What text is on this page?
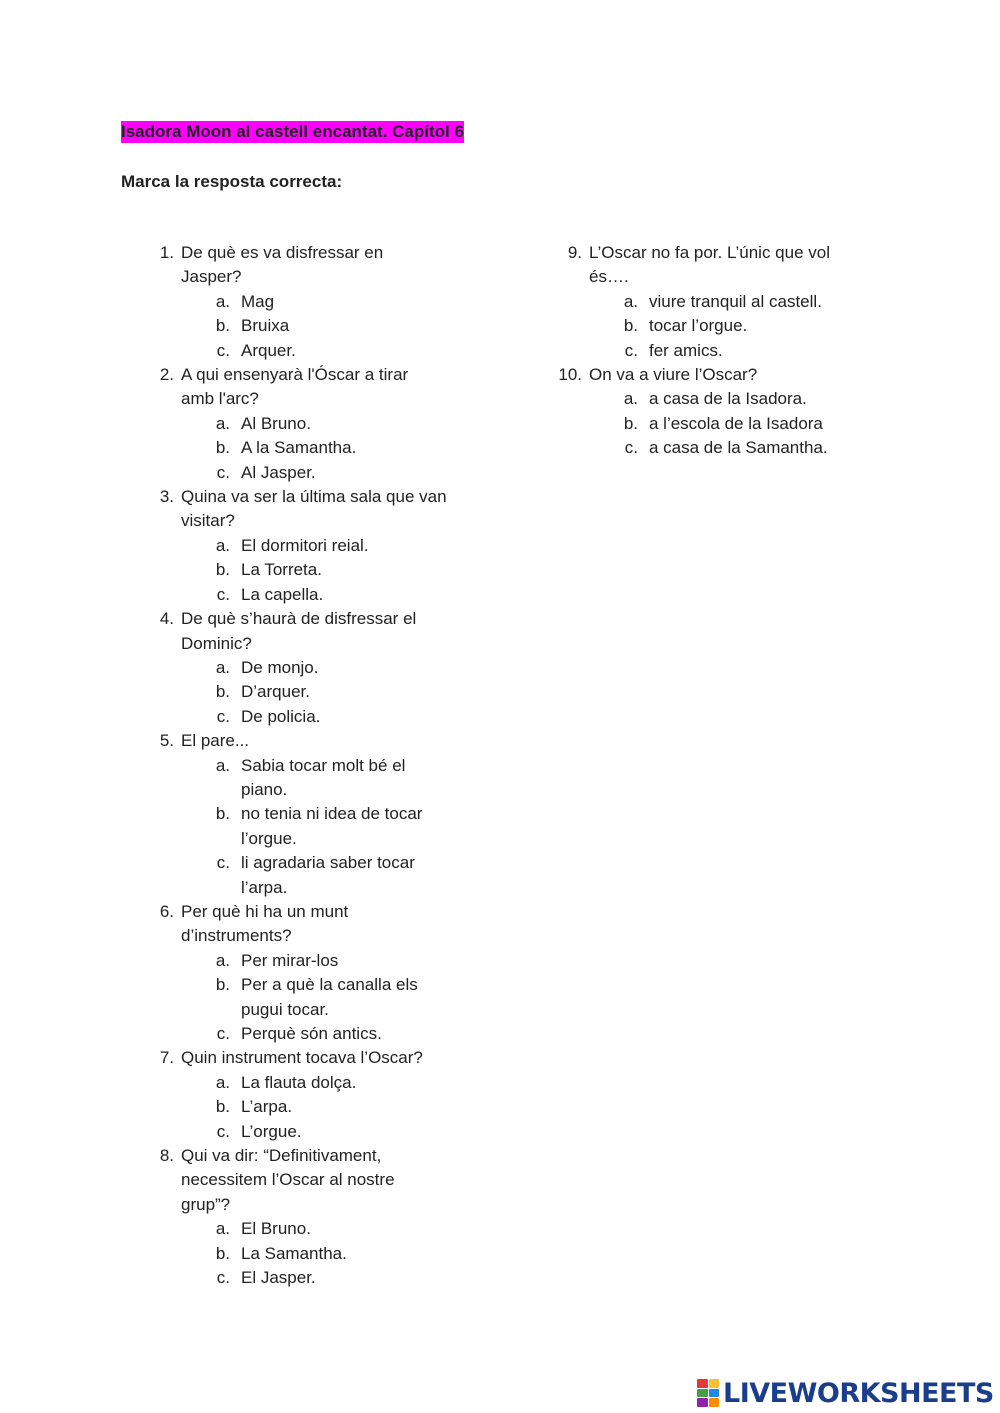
Isadora Moon al castell encantat. Capítol 6
Marca la resposta correcta:
1. De què es va disfressar en
Jasper?
a. Mag
b. Bruixa
c. Arquer.
2. A qui ensenyarà l'Óscar a tirar
amb l'arc?
a. Al Bruno.
b. A la Samantha.
c. Al Jasper.
3. Quina va ser la última sala que van
visitar?
a. El dormitori reial.
b. La Torreta.
c. La capella.
4. De què s’haurà de disfressar el
Dominic?
a. De monjo.
b. D’arquer.
c. De policia.
5. El pare...
a. Sabia tocar molt bé el
piano.
b. no tenia ni idea de tocar
l’orgue.
c. li agradaria saber tocar
l’arpa.
6. Per què hi ha un munt
d’instruments?
a. Per mirar-los
b. Per a què la canalla els
pugui tocar.
c. Perquè són antics.
7. Quin instrument tocava l’Oscar?
a. La flauta dolça.
b. L’arpa.
c. L’orgue.
8. Qui va dir: “Definitivament,
necessitem l’Oscar al nostre
grup”?
a. El Bruno.
b. La Samantha.
c. El Jasper.
9. L’Oscar no fa por. L’únic que vol
és….
a. viure tranquil al castell.
b. tocar l’orgue.
c. fer amics.
10. On va a viure l’Oscar?
a. a casa de la Isadora.
b. a l’escola de la Isadora
c. a casa de la Samantha.
LIVEWORKSHEETS
